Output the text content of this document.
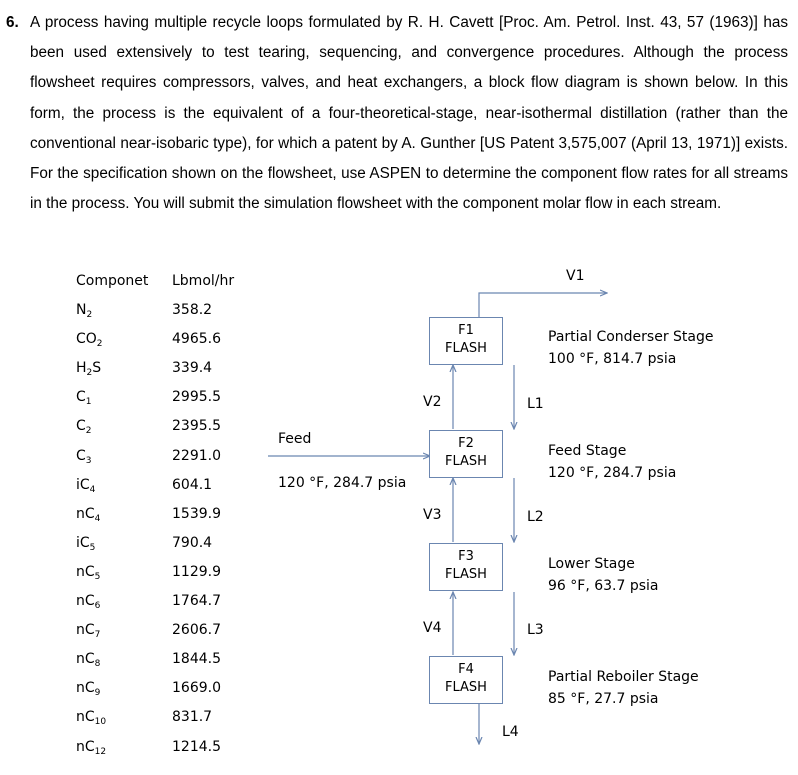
6. A process having multiple recycle loops formulated by R. H. Cavett [Proc. Am. Petrol. Inst. 43, 57 (1963)] has been used extensively to test tearing, sequencing, and convergence procedures. Although the process flowsheet requires compressors, valves, and heat exchangers, a block flow diagram is shown below. In this form, the process is the equivalent of a four-theoretical-stage, near-isothermal distillation (rather than the conventional near-isobaric type), for which a patent by A. Gunther [US Patent 3,575,007 (April 13, 1971)] exists. For the specification shown on the flowsheet, use ASPEN to determine the component flow rates for all streams in the process. You will submit the simulation flowsheet with the component molar flow in each stream.
Componet Lbmol/hr
$N_2$	358.2
$CO_2$	4965.6
$H_2S$	339.4
$C_1$	2995.5
$C_2$	2395.5
$C_3$	2291.0
$iC_4$	604.1
$nC_4$	1539.9
$iC_5$	790.4
$nC_5$	1129.9
$nC_6$	1764.7
$nC_7$	2606.7
$nC_8$	1844.5
$nC_9$	1669.0
$nC_{10}$	831.7
$nC_{12}$	1214.5
F1
FLASH
F2
FLASH
F3
FLASH
F4
FLASH
Partial Conderser Stage
100 °F, 814.7 psia
Feed Stage
120 °F, 284.7 psia
Lower Stage
96 °F, 63.7 psia
Partial Reboiler Stage
85 °F, 27.7 psia
Feed
120 °F, 284.7 psia
V1
V2
V3
V4
L1
L2
L3
L4
